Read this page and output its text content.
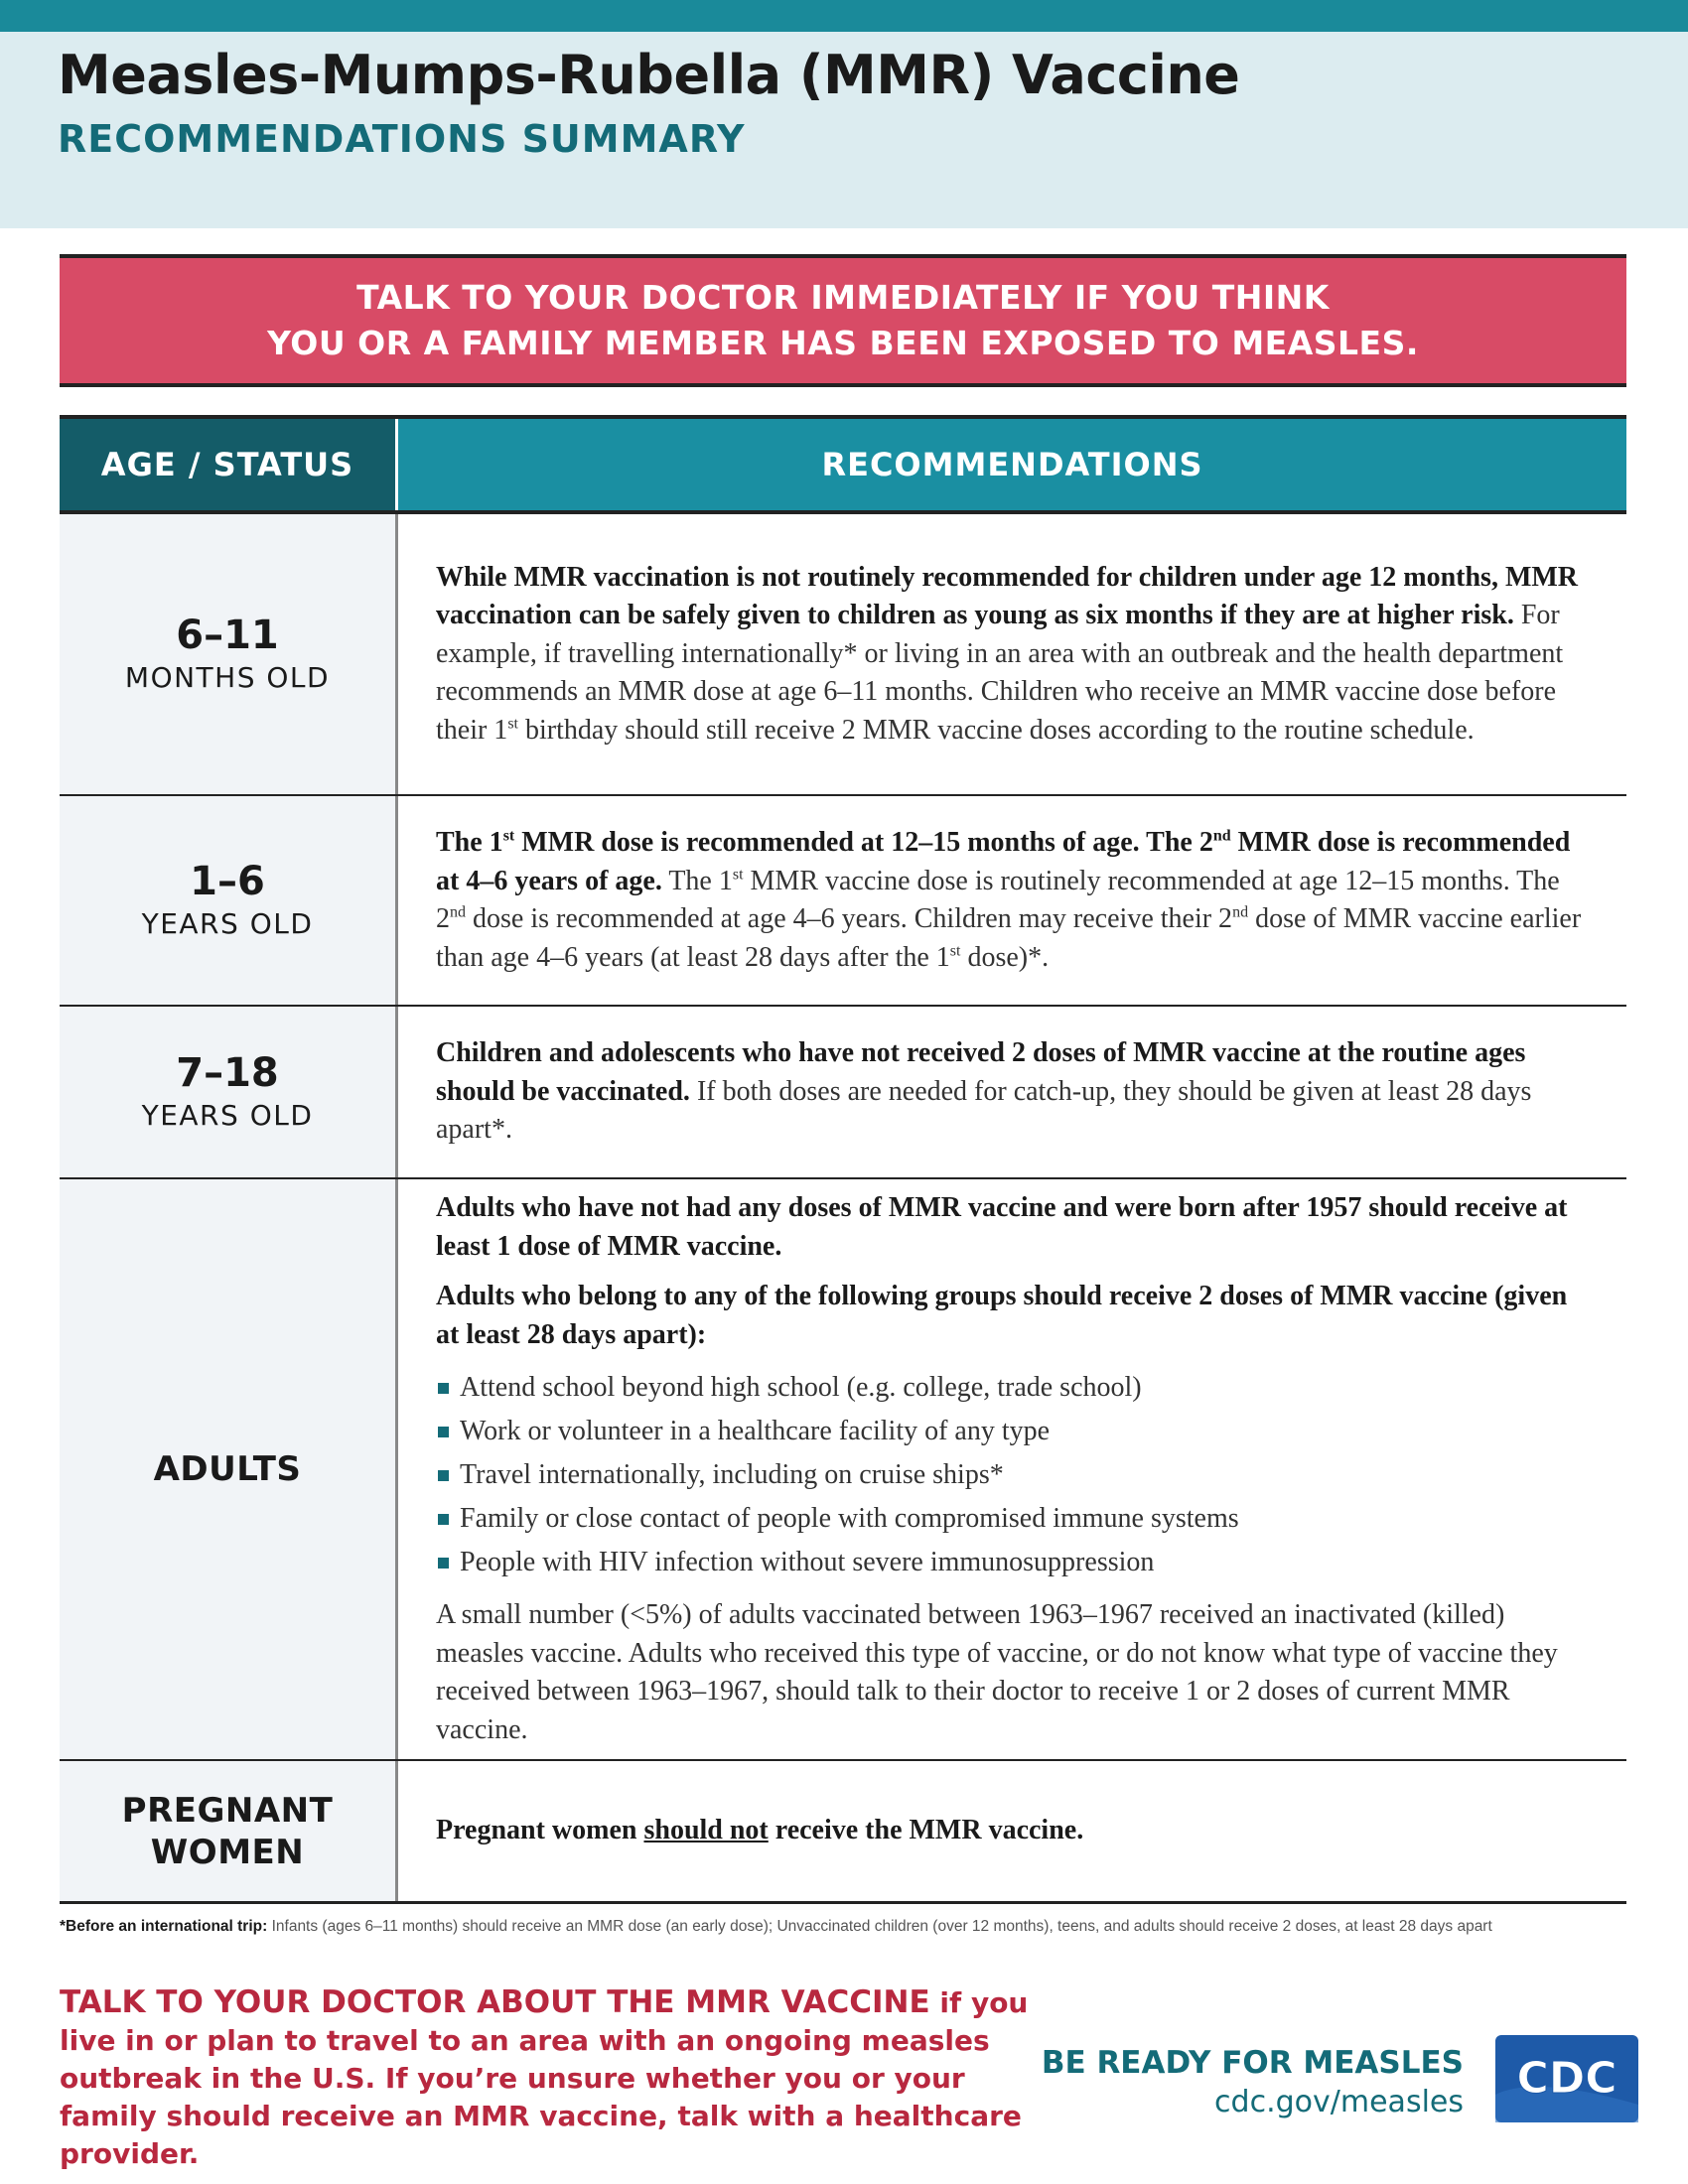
Measles-Mumps-Rubella (MMR) Vaccine
RECOMMENDATIONS SUMMARY
TALK TO YOUR DOCTOR IMMEDIATELY IF YOU THINK
YOU OR A FAMILY MEMBER HAS BEEN EXPOSED TO MEASLES.
AGE / STATUS	RECOMMENDATIONS
6–11
MONTHS OLD

While MMR vaccination is not routinely recommended for children under age 12 months, MMR vaccination can be safely given to children as young as six months if they are at higher risk. For example, if travelling internationally* or living in an area with an outbreak and the health department recommends an MMR dose at age 6–11 months. Children who receive an MMR vaccine dose before their 1st birthday should still receive 2 MMR vaccine doses according to the routine schedule.

1–6
YEARS OLD

The 1st MMR dose is recommended at 12–15 months of age. The 2nd MMR dose is recommended at 4–6 years of age. The 1st MMR vaccine dose is routinely recommended at age 12–15 months. The 2nd dose is recommended at age 4–6 years. Children may receive their 2nd dose of MMR vaccine earlier than age 4–6 years (at least 28 days after the 1st dose)*.

7–18
YEARS OLD

Children and adolescents who have not received 2 doses of MMR vaccine at the routine ages should be vaccinated. If both doses are needed for catch-up, they should be given at least 28 days apart*.

ADULTS

Adults who have not had any doses of MMR vaccine and were born after 1957 should receive at least 1 dose of MMR vaccine.

Adults who belong to any of the following groups should receive 2 doses of MMR vaccine (given at least 28 days apart):

Attend school beyond high school (e.g. college, trade school)
Work or volunteer in a healthcare facility of any type
Travel internationally, including on cruise ships*
Family or close contact of people with compromised immune systems
People with HIV infection without severe immunosuppression

A small number (<5%) of adults vaccinated between 1963–1967 received an inactivated (killed) measles vaccine. Adults who received this type of vaccine, or do not know what type of vaccine they received between 1963–1967, should talk to their doctor to receive 1 or 2 doses of current MMR vaccine.

PREGNANT
WOMEN

Pregnant women should not receive the MMR vaccine.

*Before an international trip: Infants (ages 6–11 months) should receive an MMR dose (an early dose); Unvaccinated children (over 12 months), teens, and adults should receive 2 doses, at least 28 days apart
TALK TO YOUR DOCTOR ABOUT THE MMR VACCINE if you live in or plan to travel to an area with an ongoing measles outbreak in the U.S. If you’re unsure whether you or your family should receive an MMR vaccine, talk with a healthcare provider.
BE READY FOR MEASLES
cdc.gov/measles CDC
